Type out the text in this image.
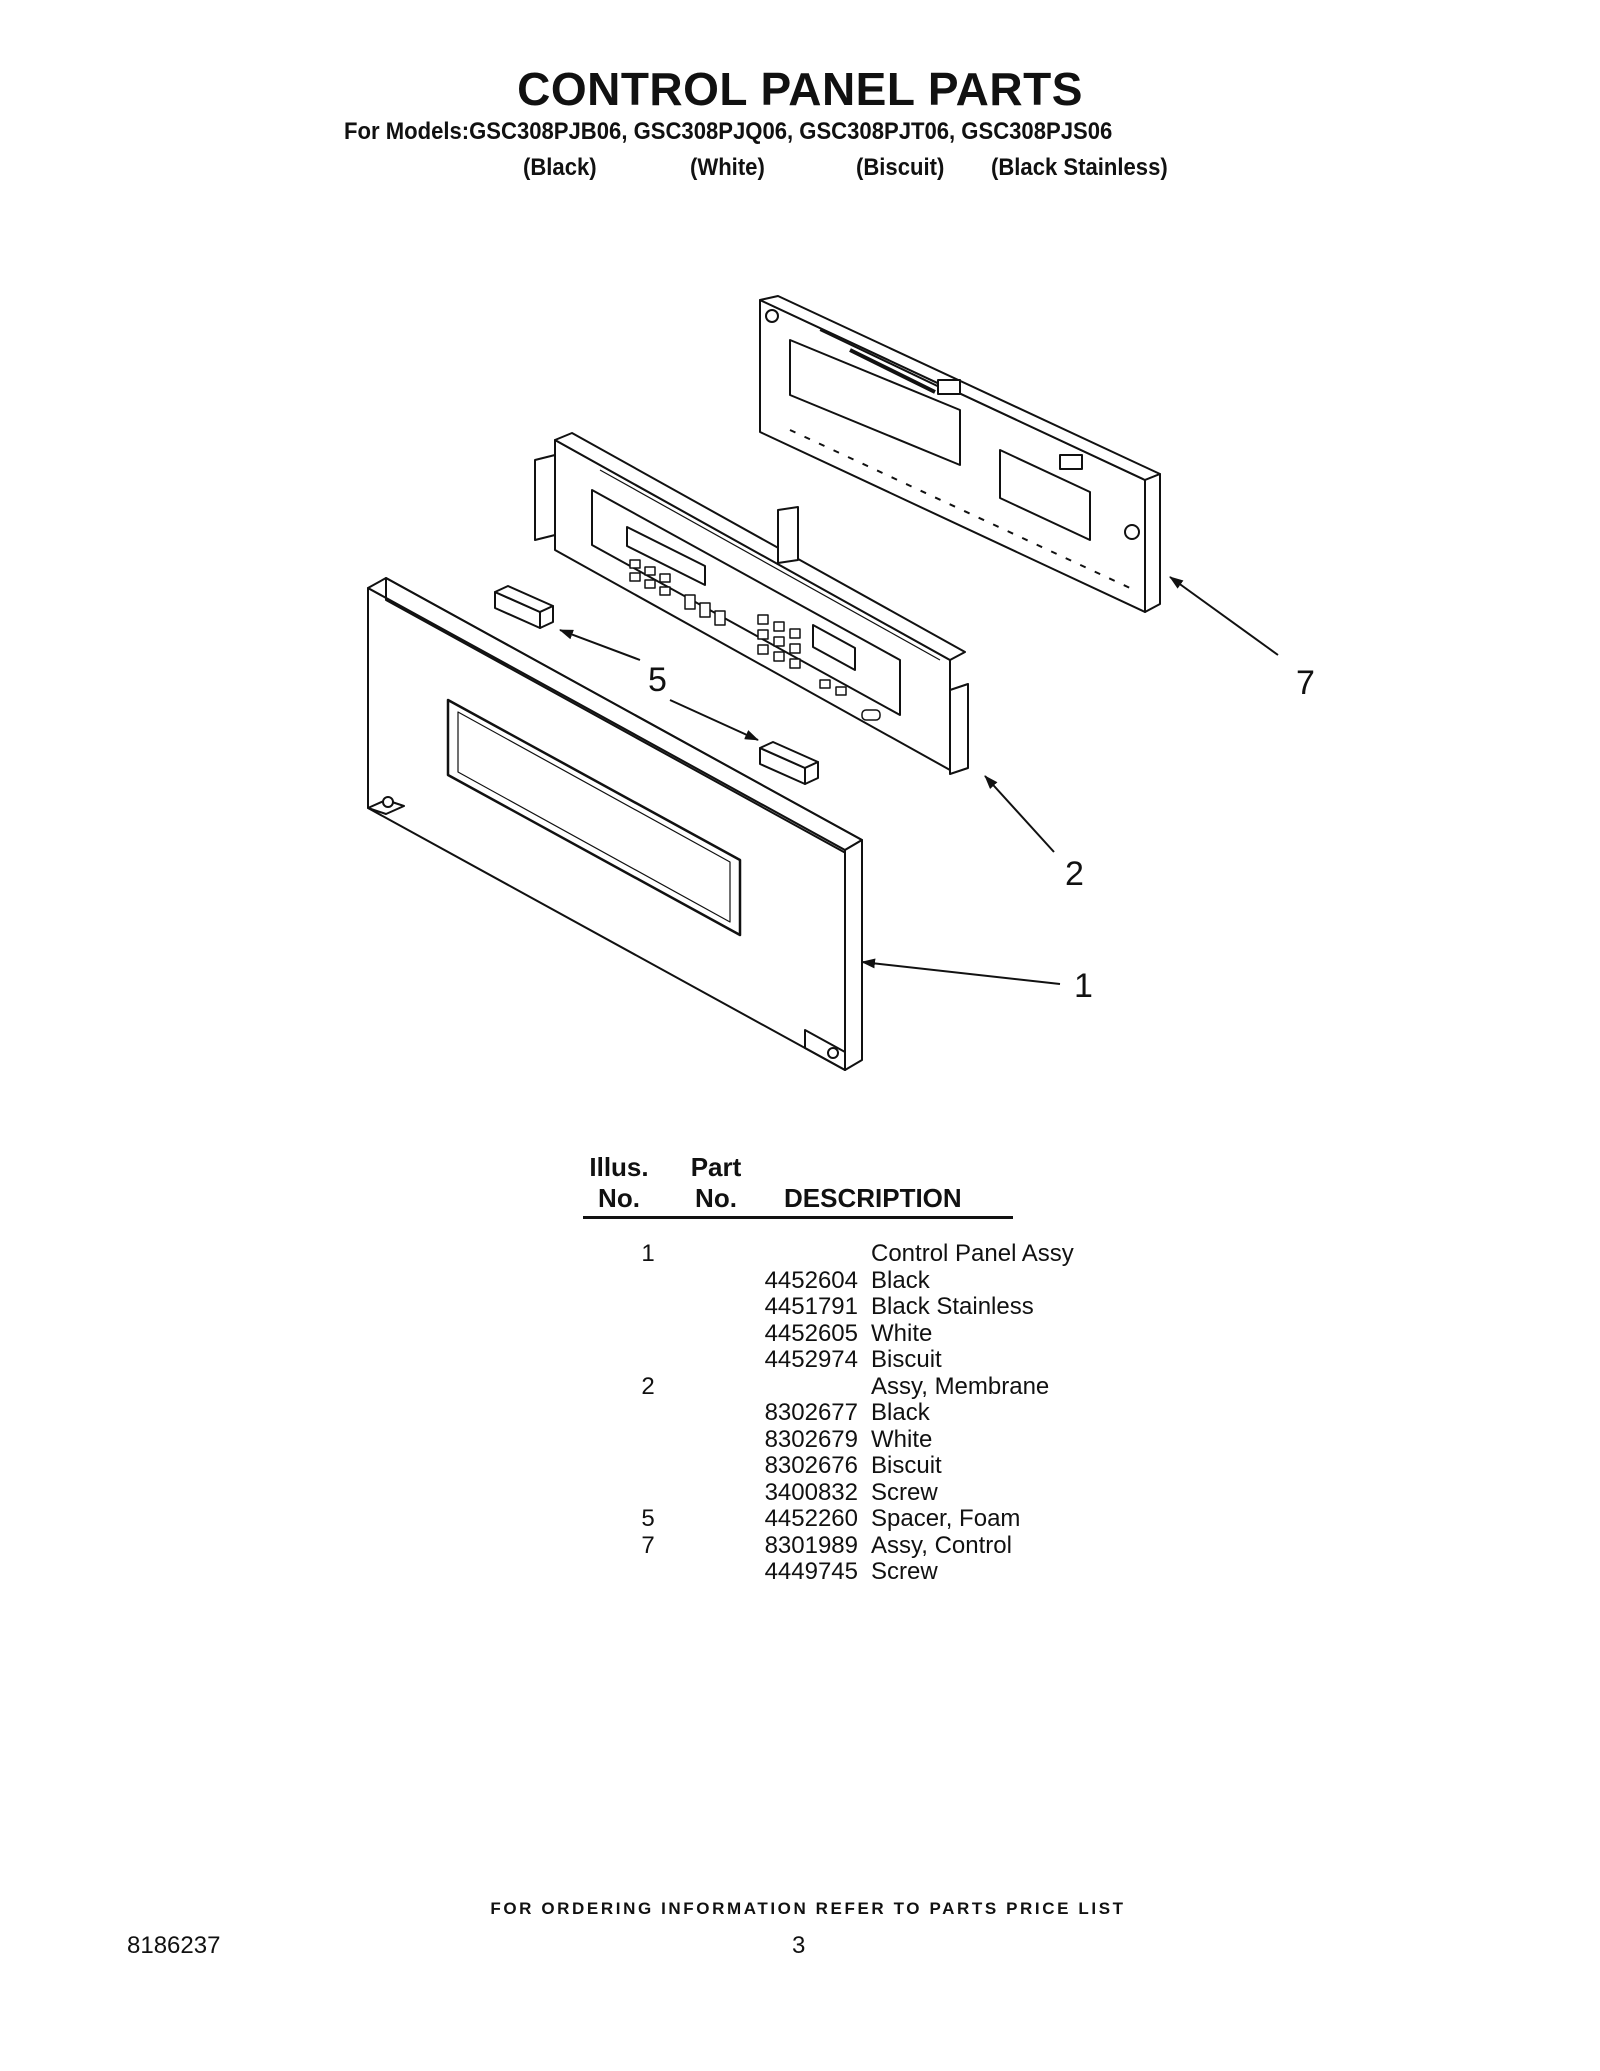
CONTROL PANEL PARTS
For Models:GSC308PJB06, GSC308PJQ06, GSC308PJT06, GSC308PJS06
(Black)	(White)	(Biscuit) (Black Stainless)
5	7
2
1
Illus.
No.
Part
No.	DESCRIPTION
1		Control Panel Assy
	4452604	Black
	4451791	Black Stainless
	4452605	White
	4452974	Biscuit
2		Assy, Membrane
	8302677	Black
	8302679	White
	8302676	Biscuit
	3400832	Screw
5	4452260	Spacer, Foam
7	8301989	Assy, Control
	4449745	Screw
FOR ORDERING INFORMATION REFER TO PARTS PRICE LIST
8186237	3
